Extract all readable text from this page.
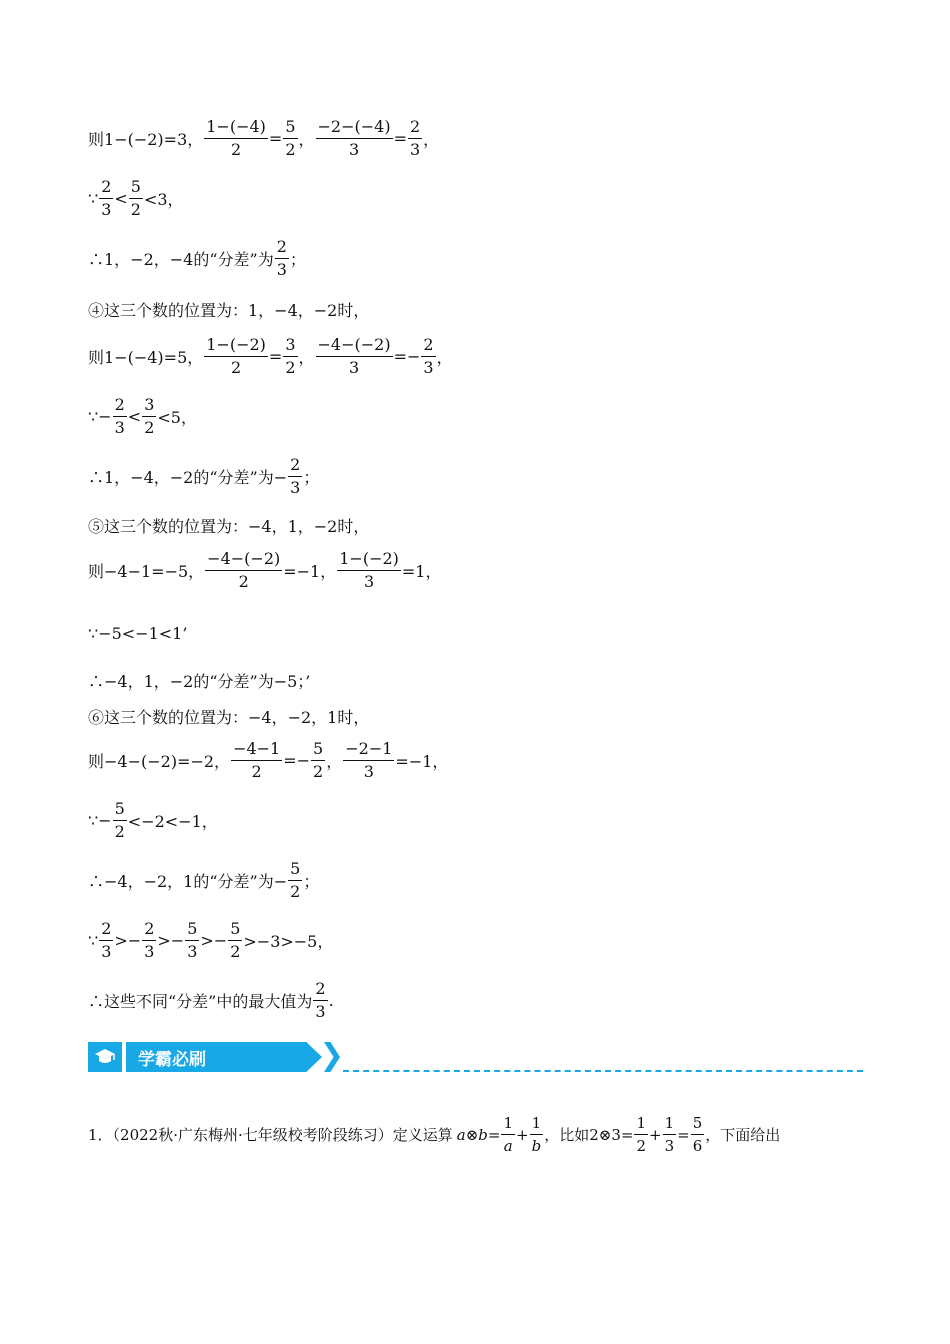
则1−(−2)=3， $\frac{1-(-4)}{2} = \frac{5}{2}$ ， $\frac{-2-(-4)}{3} = \frac{2}{3}$ ，
∵ $\frac{2}{3} < \frac{5}{2} <3$，
∴1，−2，−4的“分差”为 $\frac{2}{3}$ ；
④这三个数的位置为：1，−4，−2时，
则1−(−4)=5， $\frac{1-(-2)}{2} = \frac{3}{2}$ ， $\frac{-4-(-2)}{3} =- \frac{2}{3}$ ，
∵− $\frac{2}{3} < \frac{3}{2} <5$，
∴1，−4，−2的“分差”为− $\frac{2}{3}$ ；
⑤这三个数的位置为：−4，1，−2时，
则−4−1=−5， $\frac{-4-(-2)}{2} =-1$， $\frac{1-(-2)}{3} =1$，
∵−5<−1<1’
∴−4，1，−2的“分差”为−5；’
⑥这三个数的位置为：−4，−2，1时，
则−4−(−2)=−2， $\frac{-4-1}{2} =- \frac{5}{2}$ ， $\frac{-2-1}{3} =-1$，
∵− $\frac{5}{2} <-2<-1$，
∴−4，−2，1的“分差”为− $\frac{5}{2}$ ；
∵ $\frac{2}{3} >- \frac{2}{3} >- \frac{5}{3} >- \frac{5}{2} >-3>-5$，
∴这些不同“分差”中的最大值为 $\frac{2}{3}$ .
学霸必刷
1．（2022秋·广东梅州·七年级校考阶段练习）定义运算 a ⊗ $b = \frac{1}{a} + \frac{1}{b}$ ，比如2⊗3= $\frac{1}{2} + \frac{1}{3} = \frac{5}{6}$ ，下面给出
